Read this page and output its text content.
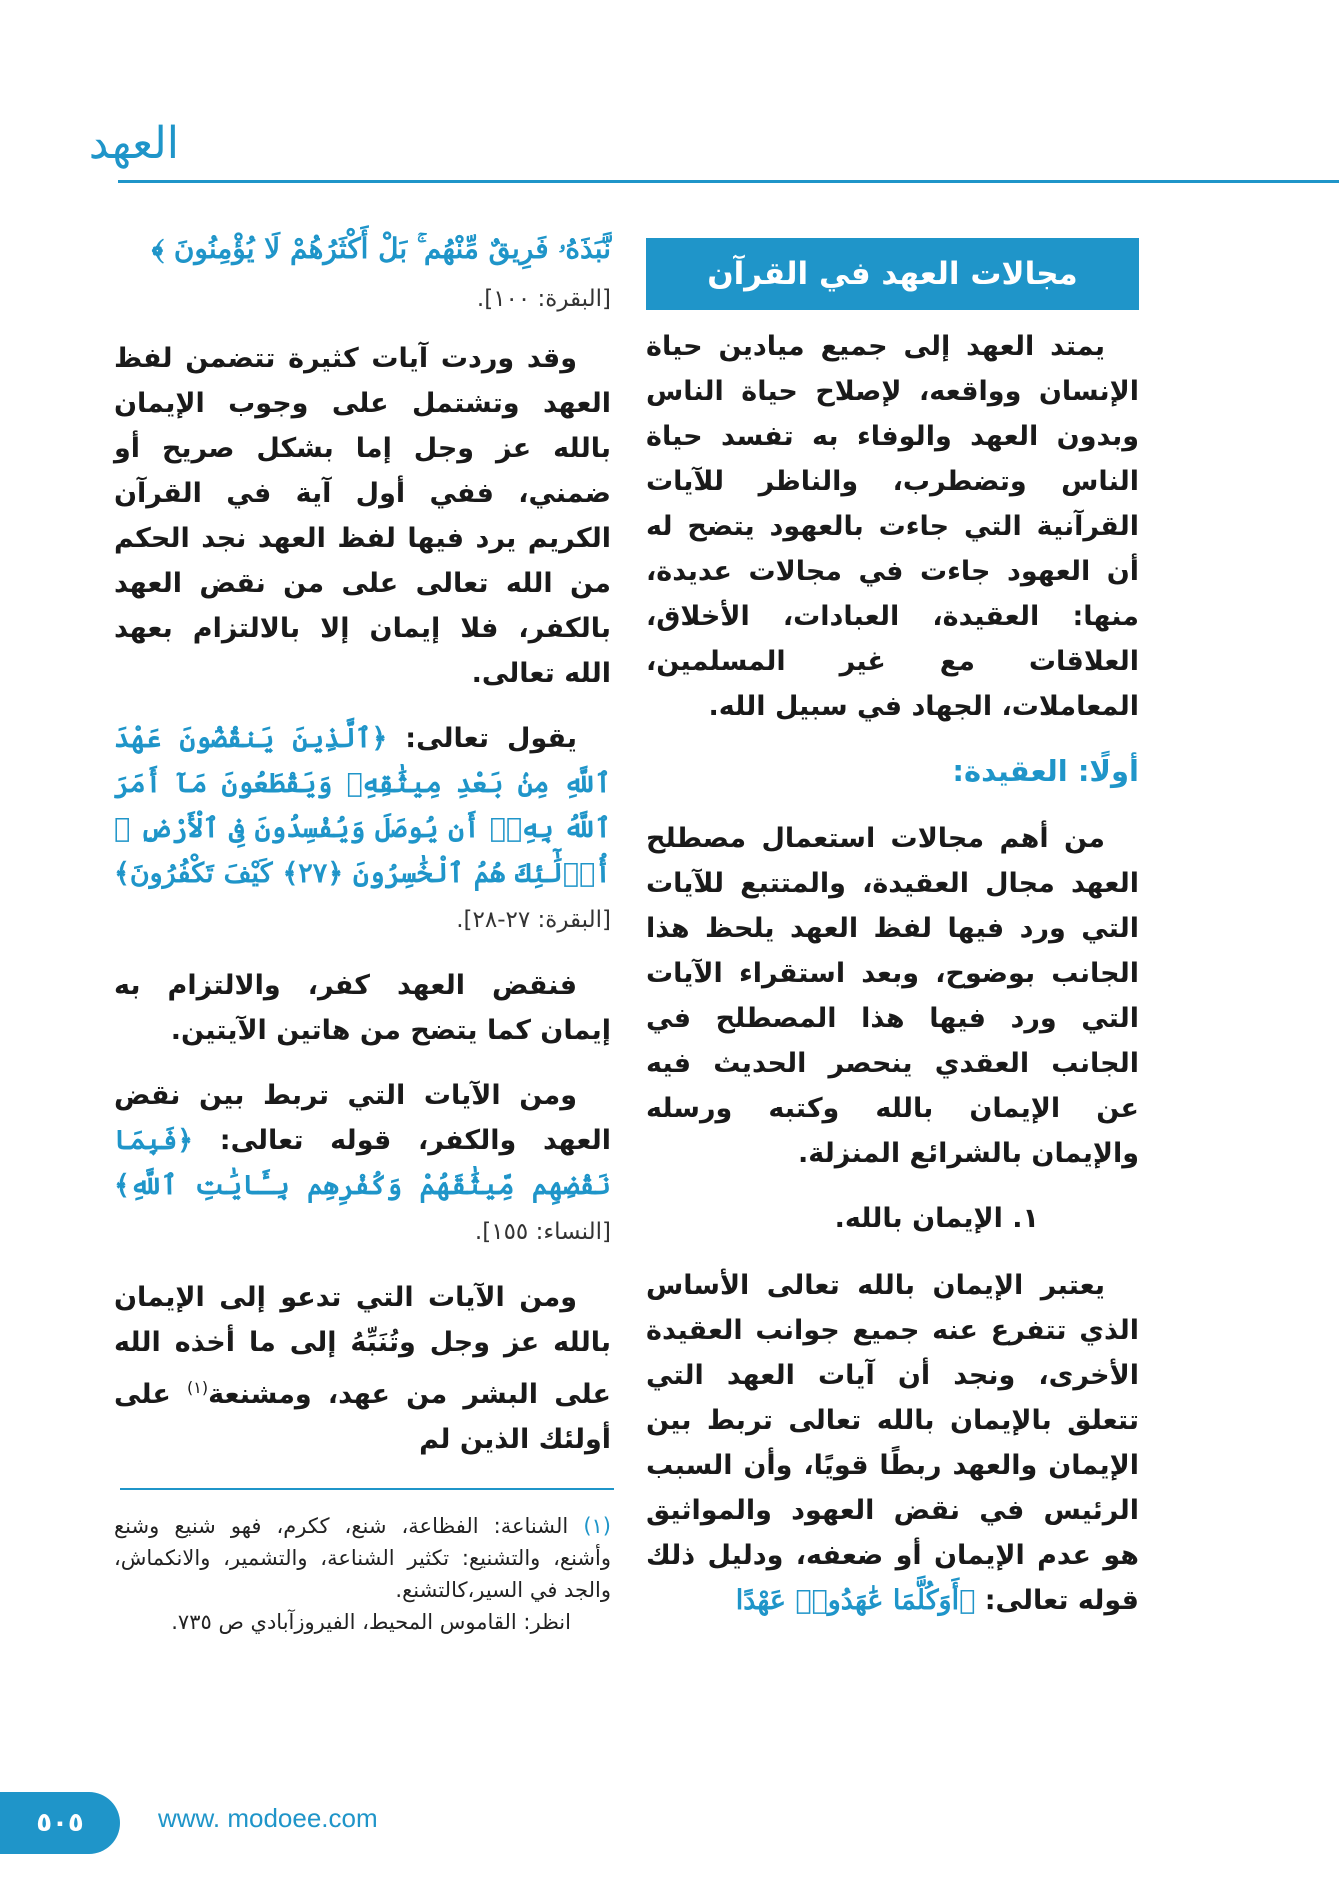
العهد
مجالات العهد في القرآن

يمتد العهد إلى جميع ميادين حياة الإنسان وواقعه، لإصلاح حياة الناس وبدون العهد والوفاء به تفسد حياة الناس وتضطرب، والناظر للآيات القرآنية التي جاءت بالعهود يتضح له أن العهود جاءت في مجالات عديدة، منها: العقيدة، العبادات، الأخلاق، العلاقات مع غير المسلمين، المعاملات، الجهاد في سبيل الله.

أولًا: العقيدة:

من أهم مجالات استعمال مصطلح العهد مجال العقيدة، والمتتبع للآيات التي ورد فيها لفظ العهد يلحظ هذا الجانب بوضوح، وبعد استقراء الآيات التي ورد فيها هذا المصطلح في الجانب العقدي ينحصر الحديث فيه عن الإيمان بالله وكتبه ورسله والإيمان بالشرائع المنزلة.

١. الإيمان بالله.

يعتبر الإيمان بالله تعالى الأساس الذي تتفرع عنه جميع جوانب العقيدة الأخرى، ونجد أن آيات العهد التي تتعلق بالإيمان بالله تعالى تربط بين الإيمان والعهد ربطًا قويًا، وأن السبب الرئيس في نقض العهود والمواثيق هو عدم الإيمان أو ضعفه، ودليل ذلك قوله تعالى: ﴿أَوَكُلَّمَا عَٰهَدُوا۟ عَهْدًا

نَّبَذَهُۥ فَرِيقٌ مِّنْهُم ۚ بَلْ أَكْثَرُهُمْ لَا يُؤْمِنُونَ ﴾
[البقرة: ١٠٠].

وقد وردت آيات كثيرة تتضمن لفظ العهد وتشتمل على وجوب الإيمان بالله عز وجل إما بشكل صريح أو ضمني، ففي أول آية في القرآن الكريم يرد فيها لفظ العهد نجد الحكم من الله تعالى على من نقض العهد بالكفر، فلا إيمان إلا بالالتزام بعهد الله تعالى.

يقول تعالى: ﴿ٱلَّذِينَ يَنقُضُونَ عَهْدَ ٱللَّهِ مِنۢ بَعْدِ مِيثَٰقِهِۦ وَيَقْطَعُونَ مَآ أَمَرَ ٱللَّهُ بِهِۦٓ أَن يُوصَلَ وَيُفْسِدُونَ فِى ٱلْأَرْضِ ۚ أُو۟لَٰٓئِكَ هُمُ ٱلْخَٰسِرُونَ ﴿٢٧﴾ كَيْفَ تَكْفُرُونَ﴾ [البقرة: ٢٧-٢٨].

فنقض العهد كفر، والالتزام به إيمان كما يتضح من هاتين الآيتين.

ومن الآيات التي تربط بين نقض العهد والكفر، قوله تعالى: ﴿فَبِمَا نَقْضِهِم مِّيثَٰقَهُمْ وَكُفْرِهِم بِـَٔايَٰتِ ٱللَّهِ﴾ [النساء: ١٥٥].

ومن الآيات التي تدعو إلى الإيمان بالله عز وجل وتُنَبِّهُ إلى ما أخذه الله على البشر من عهد، ومشنعة$^{(١)}$ على أولئك الذين لم

(١) الشناعة: الفظاعة، شنع، ككرم، فهو شنيع وشنع وأشنع، والتشنيع: تكثير الشناعة، والتشمير، والانكماش، والجد في السير،كالتشنع.
انظر: القاموس المحيط، الفيروزآبادي ص ٧٣٥.
٥٠٥	www. modoee.com
